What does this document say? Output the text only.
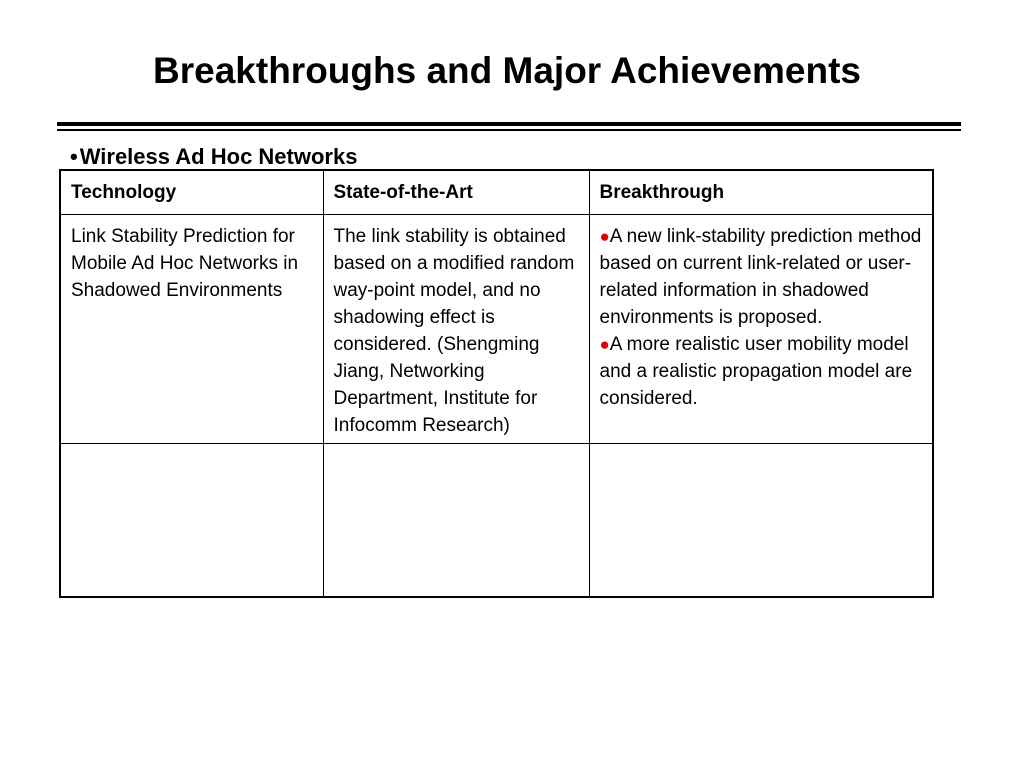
Breakthroughs and Major Achievements
•Wireless Ad Hoc Networks
Technology	State-of-the-Art	Breakthrough
Link Stability Prediction for Mobile Ad Hoc Networks in Shadowed Environments	The link stability is obtained based on a modified random way-point model, and no shadowing effect is considered. (Shengming Jiang, Networking Department, Institute for Infocomm Research)	●A new link-stability prediction method based on current link-related or user-related information in shadowed environments is proposed.

●A more realistic user mobility model and a realistic propagation model are considered.
